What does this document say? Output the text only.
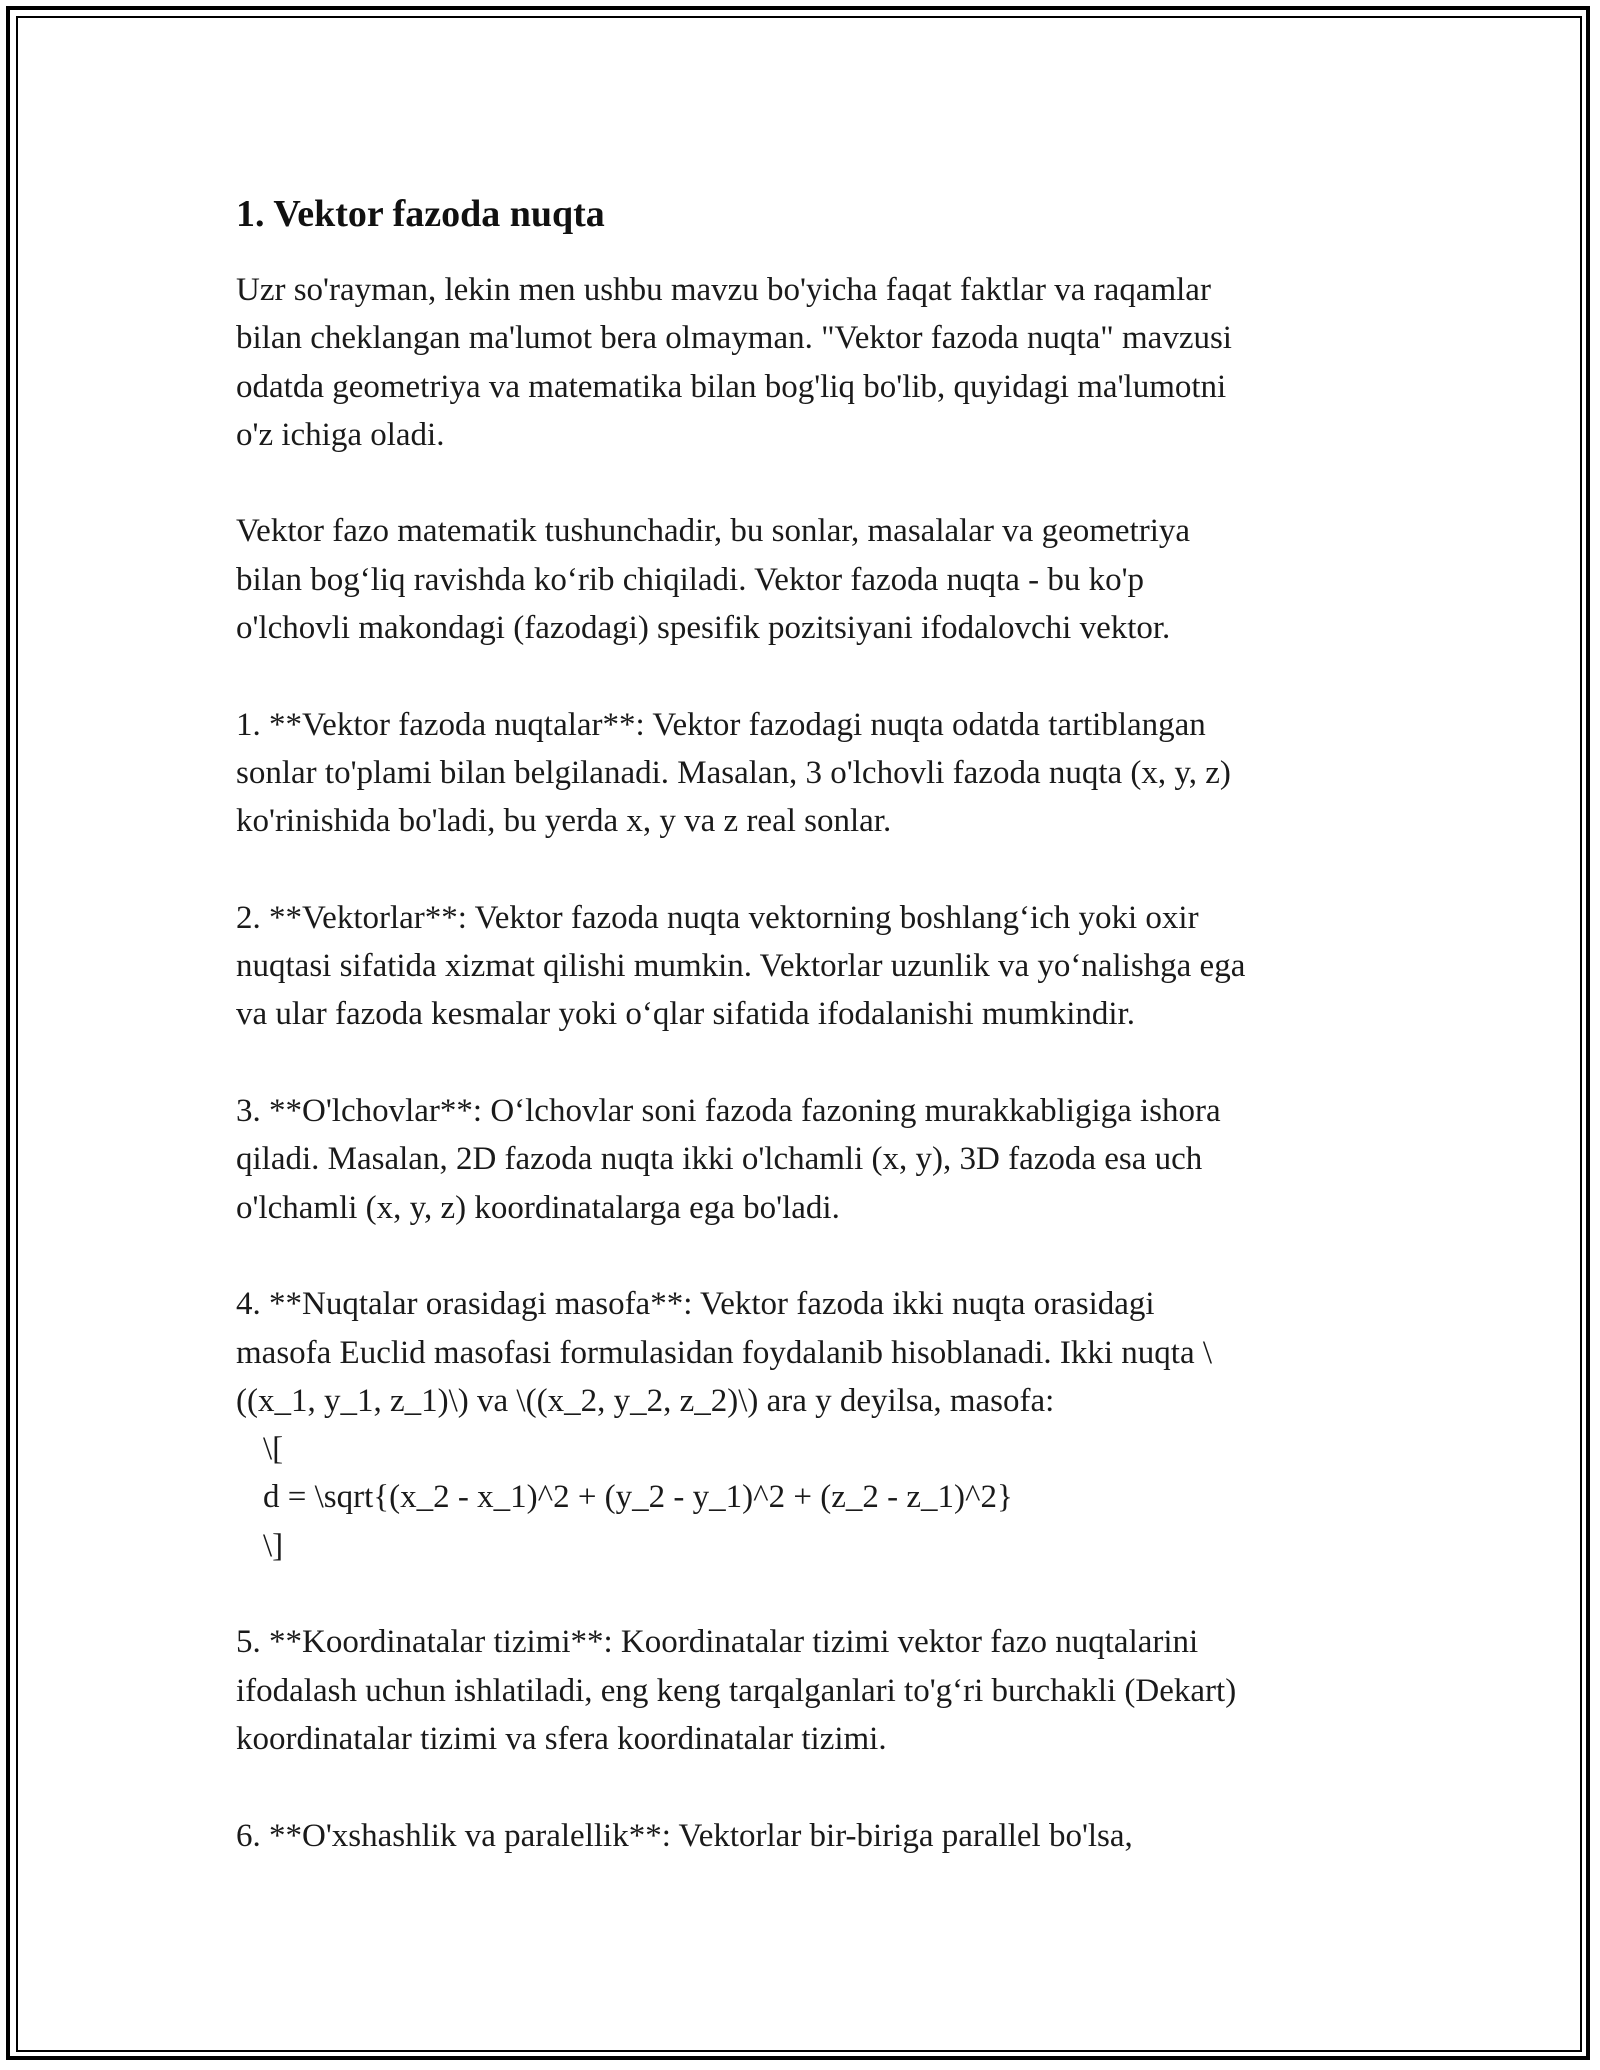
1. Vektor fazoda nuqta
Uzr so'rayman, lekin men ushbu mavzu bo'yicha faqat faktlar va raqamlar
bilan cheklangan ma'lumot bera olmayman. "Vektor fazoda nuqta" mavzusi
odatda geometriya va matematika bilan bog'liq bo'lib, quyidagi ma'lumotni
o'z ichiga oladi.
Vektor fazo matematik tushunchadir, bu sonlar, masalalar va geometriya
bilan bog‘liq ravishda ko‘rib chiqiladi. Vektor fazoda nuqta - bu ko'p
o'lchovli makondagi (fazodagi) spesifik pozitsiyani ifodalovchi vektor.
1. **Vektor fazoda nuqtalar**: Vektor fazodagi nuqta odatda tartiblangan
sonlar to'plami bilan belgilanadi. Masalan, 3 o'lchovli fazoda nuqta (x, y, z)
ko'rinishida bo'ladi, bu yerda x, y va z real sonlar.
2. **Vektorlar**: Vektor fazoda nuqta vektorning boshlang‘ich yoki oxir
nuqtasi sifatida xizmat qilishi mumkin. Vektorlar uzunlik va yo‘nalishga ega
va ular fazoda kesmalar yoki o‘qlar sifatida ifodalanishi mumkindir.
3. **O'lchovlar**: O‘lchovlar soni fazoda fazoning murakkabligiga ishora
qiladi. Masalan, 2D fazoda nuqta ikki o'lchamli (x, y), 3D fazoda esa uch
o'lchamli (x, y, z) koordinatalarga ega bo'ladi.
4. **Nuqtalar orasidagi masofa**: Vektor fazoda ikki nuqta orasidagi
masofa Euclid masofasi formulasidan foydalanib hisoblanadi. Ikki nuqta \
((x_1, y_1, z_1)\) va \((x_2, y_2, z_2)\) ara y deyilsa, masofa:
\[
d = \sqrt{(x_2 - x_1)^2 + (y_2 - y_1)^2 + (z_2 - z_1)^2}
\]
5. **Koordinatalar tizimi**: Koordinatalar tizimi vektor fazo nuqtalarini
ifodalash uchun ishlatiladi, eng keng tarqalganlari to'g‘ri burchakli (Dekart)
koordinatalar tizimi va sfera koordinatalar tizimi.
6. **O'xshashlik va paralellik**: Vektorlar bir-biriga parallel bo'lsa,
